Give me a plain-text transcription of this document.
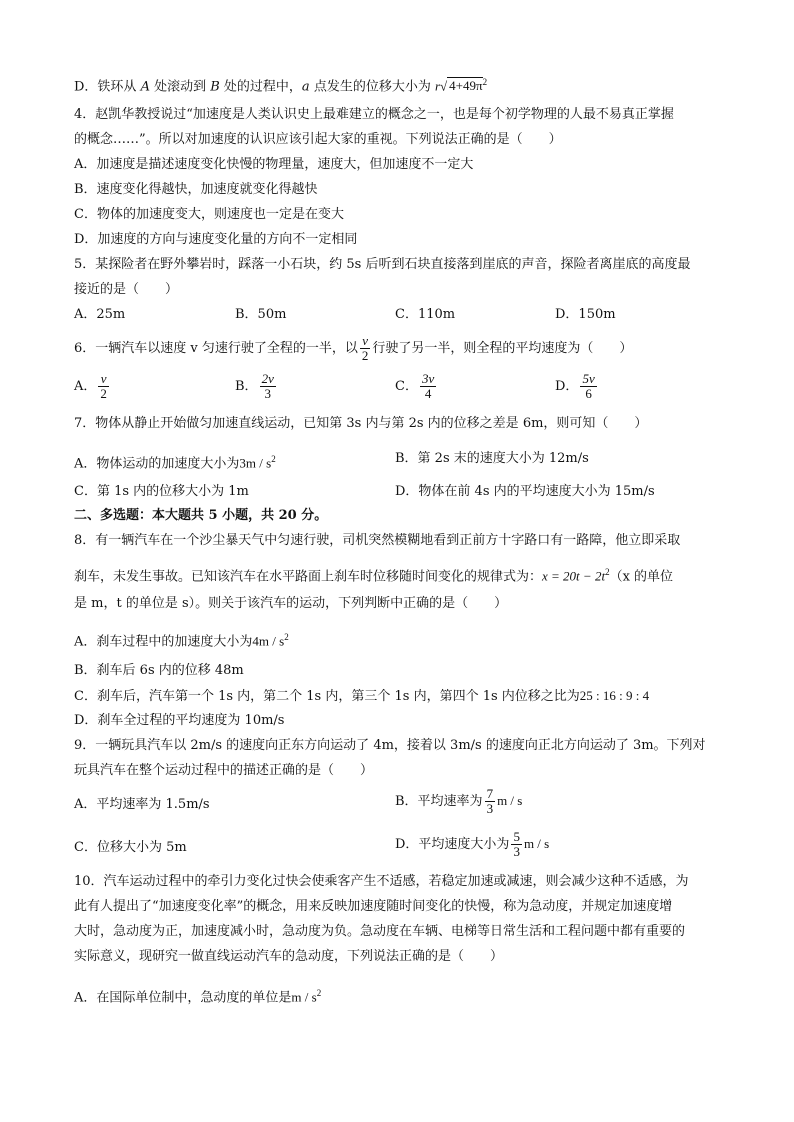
D．铁环从 A 处滚动到 B 处的过程中，a 点发生的位移大小为 r√ $4+49\pi^2$
4．赵凯华教授说过“加速度是人类认识史上最难建立的概念之一，也是每个初学物理的人最不易真正掌握
的概念……”。所以对加速度的认识应该引起大家的重视。下列说法正确的是（　　）
A．加速度是描述速度变化快慢的物理量，速度大，但加速度不一定大
B．速度变化得越快，加速度就变化得越快
C．物体的加速度变大，则速度也一定是在变大
D．加速度的方向与速度变化量的方向不一定相同
5．某探险者在野外攀岩时，踩落一小石块，约 5s 后听到石块直接落到崖底的声音，探险者离崖底的高度最
接近的是（　　）
A．25m	B．50m	C．110m	D．150m
6．一辆汽车以速度 v 匀速行驶了全程的一半，以 $\frac{v}{2}$ 行驶了另一半，则全程的平均速度为（　　）
A． $\frac{v}{2}$	B． $\frac{2v}{3}$	C． $\frac{3v}{4}$	D． $\frac{5v}{6}$
7．物体从静止开始做匀加速直线运动，已知第 3s 内与第 2s 内的位移之差是 6m，则可知（　　）
A．物体运动的加速度大小为$3m / s^2$	B．第 2s 末的速度大小为 12m/s
C．第 1s 内的位移大小为 1m	D．物体在前 4s 内的平均速度大小为 15m/s
二、多选题：本大题共 5 小题，共 20 分。
8．有一辆汽车在一个沙尘暴天气中匀速行驶，司机突然模糊地看到正前方十字路口有一路障，他立即采取
刹车，未发生事故。已知该汽车在水平路面上刹车时位移随时间变化的规律式为：$x = 20t - 2t^2(x$ 的单位
是 m，t 的单位是 s）。则关于该汽车的运动，下列判断中正确的是（　　）
A．刹车过程中的加速度大小为$4m / s^2$
B．刹车后 6s 内的位移 48m
C．刹车后，汽车第一个 1s 内，第二个 1s 内，第三个 1s 内，第四个 1s 内位移之比为25 : 16 : 9 : 4
D．刹车全过程的平均速度为 10m/s
9．一辆玩具汽车以 2m/s 的速度向正东方向运动了 4m，接着以 3m/s 的速度向正北方向运动了 3m。下列对
玩具汽车在整个运动过程中的描述正确的是（　　）
A．平均速率为 1.5m/s	B．平均速率为 $\frac{7}{3}$ m / s
C．位移大小为 5m	D．平均速度大小为 $\frac{5}{3}$ m / s
10．汽车运动过程中的牵引力变化过快会使乘客产生不适感，若稳定加速或减速，则会减少这种不适感，为
此有人提出了“加速度变化率”的概念，用来反映加速度随时间变化的快慢，称为急动度，并规定加速度增
大时，急动度为正，加速度减小时，急动度为负。急动度在车辆、电梯等日常生活和工程问题中都有重要的
实际意义，现研究一做直线运动汽车的急动度，下列说法正确的是（　　）
A．在国际单位制中，急动度的单位是m / $s^2$
